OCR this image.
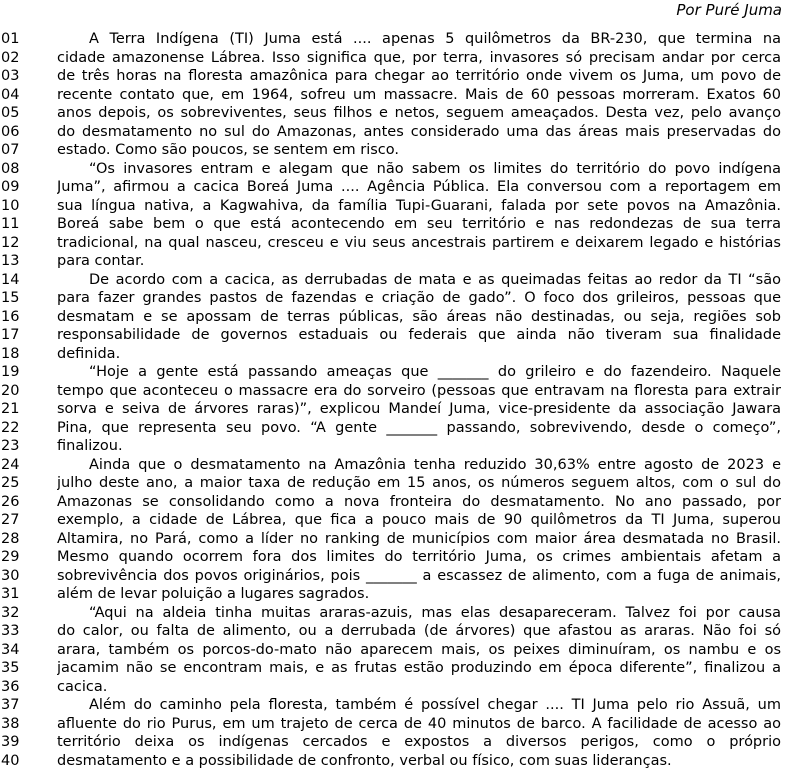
Por Puré Juma
01	A Terra Indígena (TI) Juma está .... apenas 5 quilômetros da BR-230, que termina na
02	cidade amazonense Lábrea. Isso significa que, por terra, invasores só precisam andar por cerca
03	de três horas na floresta amazônica para chegar ao território onde vivem os Juma, um povo de
04	recente contato que, em 1964, sofreu um massacre. Mais de 60 pessoas morreram. Exatos 60
05	anos depois, os sobreviventes, seus filhos e netos, seguem ameaçados. Desta vez, pelo avanço
06	do desmatamento no sul do Amazonas, antes considerado uma das áreas mais preservadas do
07	estado. Como são poucos, se sentem em risco.
08	“Os invasores entram e alegam que não sabem os limites do território do povo indígena
09	Juma”, afirmou a cacica Boreá Juma .... Agência Pública. Ela conversou com a reportagem em
10	sua língua nativa, a Kagwahiva, da família Tupi-Guarani, falada por sete povos na Amazônia.
11	Boreá sabe bem o que está acontecendo em seu território e nas redondezas de sua terra
12	tradicional, na qual nasceu, cresceu e viu seus ancestrais partirem e deixarem legado e histórias
13	para contar.
14	De acordo com a cacica, as derrubadas de mata e as queimadas feitas ao redor da TI “são
15	para fazer grandes pastos de fazendas e criação de gado”. O foco dos grileiros, pessoas que
16	desmatam e se apossam de terras públicas, são áreas não destinadas, ou seja, regiões sob
17	responsabilidade de governos estaduais ou federais que ainda não tiveram sua finalidade
18	definida.
19	“Hoje a gente está passando ameaças que _______ do grileiro e do fazendeiro. Naquele
20	tempo que aconteceu o massacre era do sorveiro (pessoas que entravam na floresta para extrair
21	sorva e seiva de árvores raras)”, explicou Mandeí Juma, vice-presidente da associação Jawara
22	Pina, que representa seu povo. “A gente _______ passando, sobrevivendo, desde o começo”,
23	finalizou.
24	Ainda que o desmatamento na Amazônia tenha reduzido 30,63% entre agosto de 2023 e
25	julho deste ano, a maior taxa de redução em 15 anos, os números seguem altos, com o sul do
26	Amazonas se consolidando como a nova fronteira do desmatamento. No ano passado, por
27	exemplo, a cidade de Lábrea, que fica a pouco mais de 90 quilômetros da TI Juma, superou
28	Altamira, no Pará, como a líder no ranking de municípios com maior área desmatada no Brasil.
29	Mesmo quando ocorrem fora dos limites do território Juma, os crimes ambientais afetam a
30	sobrevivência dos povos originários, pois _______ a escassez de alimento, com a fuga de animais,
31	além de levar poluição a lugares sagrados.
32	“Aqui na aldeia tinha muitas araras-azuis, mas elas desapareceram. Talvez foi por causa
33	do calor, ou falta de alimento, ou a derrubada (de árvores) que afastou as araras. Não foi só
34	arara, também os porcos-do-mato não aparecem mais, os peixes diminuíram, os nambu e os
35	jacamim não se encontram mais, e as frutas estão produzindo em época diferente”, finalizou a
36	cacica.
37	Além do caminho pela floresta, também é possível chegar .... TI Juma pelo rio Assuã, um
38	afluente do rio Purus, em um trajeto de cerca de 40 minutos de barco. A facilidade de acesso ao
39	território deixa os indígenas cercados e expostos a diversos perigos, como o próprio
40	desmatamento e a possibilidade de confronto, verbal ou físico, com suas lideranças.
